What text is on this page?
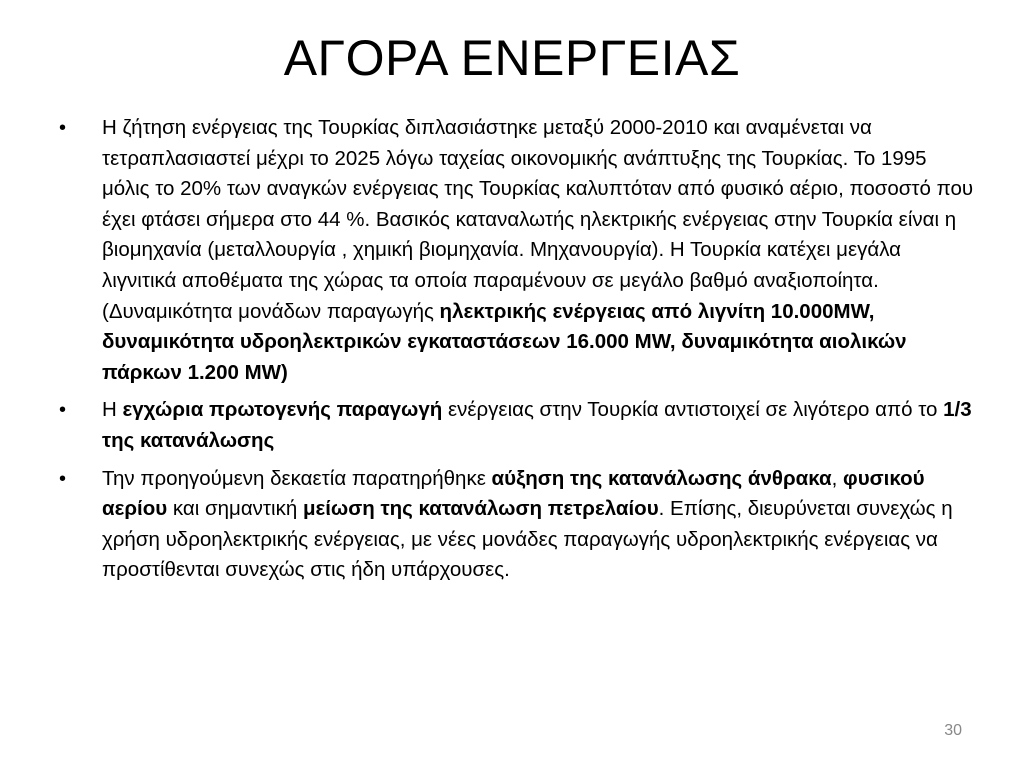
ΑΓΟΡΑ ΕΝΕΡΓΕΙΑΣ
• Η ζήτηση ενέργειας της Τουρκίας διπλασιάστηκε μεταξύ 2000-2010 και αναμένεται να τετραπλασιαστεί μέχρι το 2025 λόγω ταχείας οικονομικής ανάπτυξης της Τουρκίας. Το 1995 μόλις το 20% των αναγκών ενέργειας της Τουρκίας καλυπτόταν από φυσικό αέριο, ποσοστό που έχει φτάσει σήμερα στο 44 %. Βασικός καταναλωτής ηλεκτρικής ενέργειας στην Τουρκία είναι η βιομηχανία (μεταλλουργία , χημική βιομηχανία. Μηχανουργία). Η Τουρκία κατέχει μεγάλα λιγνιτικά αποθέματα της χώρας τα οποία παραμένουν σε μεγάλο βαθμό αναξιοποίητα. (Δυναμικότητα μονάδων παραγωγής ηλεκτρικής ενέργειας από λιγνίτη 10.000MW, δυναμικότητα υδροηλεκτρικών εγκαταστάσεων 16.000 MW, δυναμικότητα αιολικών πάρκων 1.200 MW)
• Η εγχώρια πρωτογενής παραγωγή ενέργειας στην Τουρκία αντιστοιχεί σε λιγότερο από το 1/3 της κατανάλωσης
• Την προηγούμενη δεκαετία παρατηρήθηκε αύξηση της κατανάλωσης άνθρακα, φυσικού αερίου και σημαντική μείωση της κατανάλωση πετρελαίου. Επίσης, διευρύνεται συνεχώς η χρήση υδροηλεκτρικής ενέργειας, με νέες μονάδες παραγωγής υδροηλεκτρικής ενέργειας να προστίθενται συνεχώς στις ήδη υπάρχουσες.
30
